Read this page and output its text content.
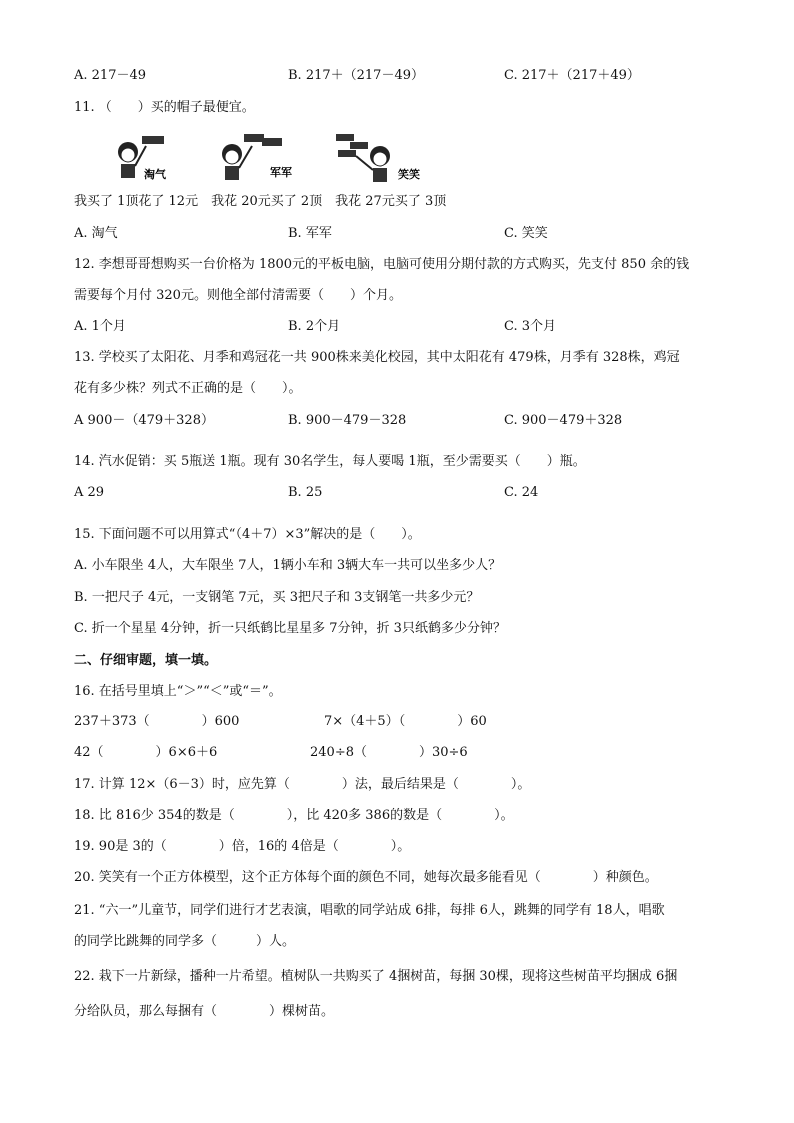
A. 217－49	B. 217＋（217－49）	C. 217＋（217＋49）
11. （　　）买的帽子最便宜。
淘气	军军	笑笑
我买了 1顶花了 12元　我花 20元买了 2顶　我花 27元买了 3顶
A. 淘气	B. 军军	C. 笑笑
12. 李想哥哥想购买一台价格为 1800元的平板电脑，电脑可使用分期付款的方式购买，先支付 850 余的钱
需要每个月付 320元。则他全部付清需要（　　）个月。
A. 1个月	B. 2个月	C. 3个月
13. 学校买了太阳花、月季和鸡冠花一共 900株来美化校园，其中太阳花有 479株，月季有 328株，鸡冠
花有多少株？列式不正确的是（　　）。
A 900－（479＋328）	B. 900－479－328	C. 900－479＋328
14. 汽水促销：买 5瓶送 1瓶。现有 30名学生，每人要喝 1瓶，至少需要买（　　）瓶。
A 29	B. 25	C. 24
15. 下面问题不可以用算式“（4＋7）×3”解决的是（　　）。
A. 小车限坐 4人，大车限坐 7人，1辆小车和 3辆大车一共可以坐多少人？
B. 一把尺子 4元，一支钢笔 7元，买 3把尺子和 3支钢笔一共多少元？
C. 折一个星星 4分钟，折一只纸鹤比星星多 7分钟，折 3只纸鹤多少分钟？
二、仔细审题，填一填。
16. 在括号里填上“＞”“＜”或“＝”。
237＋373（　　　　）600	7×（4＋5）（　　　　）60
42（　　　　）6×6＋6	240÷8（　　　　）30÷6
17. 计算 12×（6－3）时，应先算（　　　　）法，最后结果是（　　　　）。
18. 比 816少 354的数是（　　　　），比 420多 386的数是（　　　　）。
19. 90是 3的（　　　　）倍，16的 4倍是（　　　　）。
20. 笑笑有一个正方体模型，这个正方体每个面的颜色不同，她每次最多能看见（　　　　）种颜色。
21. “六一”儿童节，同学们进行才艺表演，唱歌的同学站成 6排，每排 6人，跳舞的同学有 18人，唱歌
的同学比跳舞的同学多（　　　）人。
22. 栽下一片新绿，播种一片希望。植树队一共购买了 4捆树苗，每捆 30棵，现将这些树苗平均捆成 6捆
分给队员，那么每捆有（　　　　）棵树苗。
